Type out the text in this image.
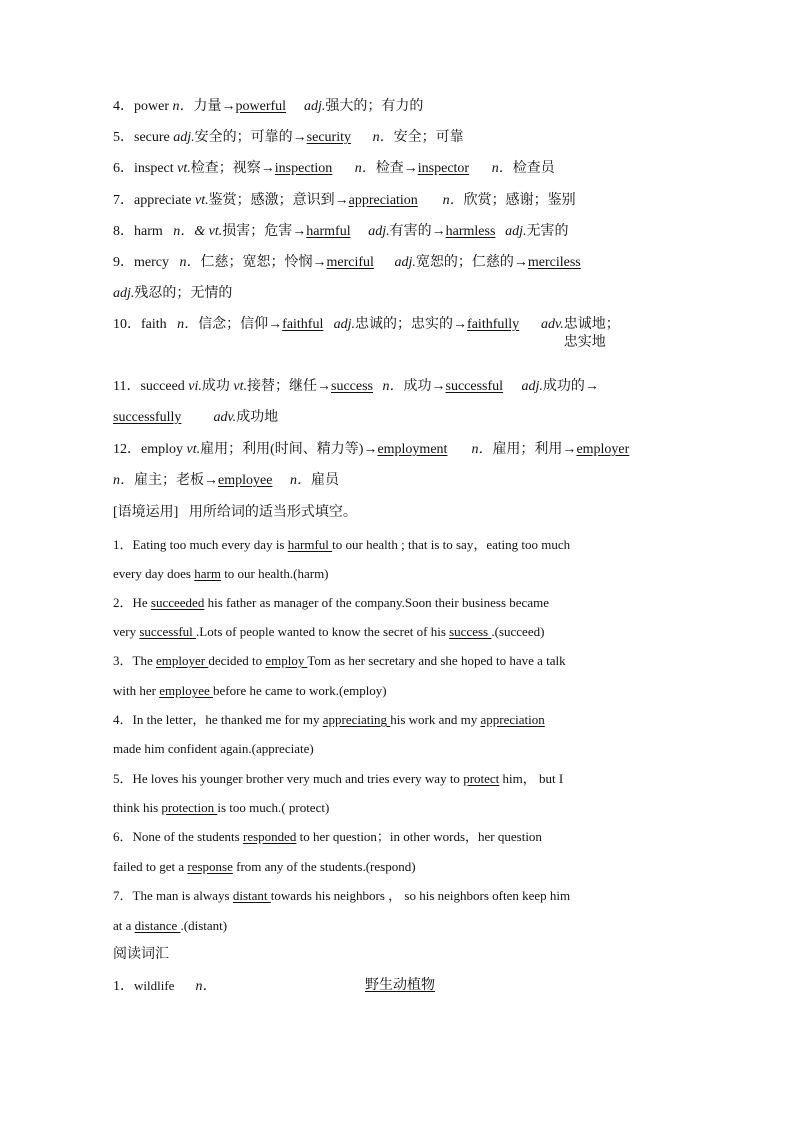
4．power n．力量→powerful adj.强大的；有力的
5．secure adj.安全的；可靠的→security n．安全；可靠
6．inspect vt.检查；视察→inspection n．检查→inspector n．检查员
7．appreciate vt.鉴赏；感激；意识到→appreciation n．欣赏；感谢；鉴别
8．harm n．& vt.损害；危害→harmful adj.有害的→harmless adj.无害的
9．mercy n．仁慈；宽恕；怜悯→merciful adj.宽恕的；仁慈的→merciless
adj.残忍的；无情的
10．faith n．信念；信仰→faithful adj.忠诚的；忠实的→faithfully adv.忠诚地；忠实地
11．succeed vi.成功 vt.接替；继任→success n．成功→successful adj.成功的→
successfully adv.成功地
12．employ vt.雇用；利用(时间、精力等)→employment n．雇用；利用→employer
n．雇主；老板→employee n．雇员
[语境运用] 用所给词的适当形式填空。
1．Eating too much every day is harmful to our health ; that is to say，eating too much
every day does harm to our health.(harm)
2．He succeeded his father as manager of the company.Soon their business became
very successful .Lots of people wanted to know the secret of his success .(succeed)
3．The employer decided to employ Tom as her secretary and she hoped to have a talk
with her employee before he came to work.(employ)
4．In the letter，he thanked me for my appreciating his work and my appreciation
made him confident again.(appreciate)
5．He loves his younger brother very much and tries every way to protect him， but I
think his protection is too much.( protect)
6．None of the students responded to her question；in other words，her question
failed to get a response from any of the students.(respond)
7．The man is always distant towards his neighbors ， so his neighbors often keep him
at a distance .(distant)
阅读词汇
1．wildlife n．	野生动植物
